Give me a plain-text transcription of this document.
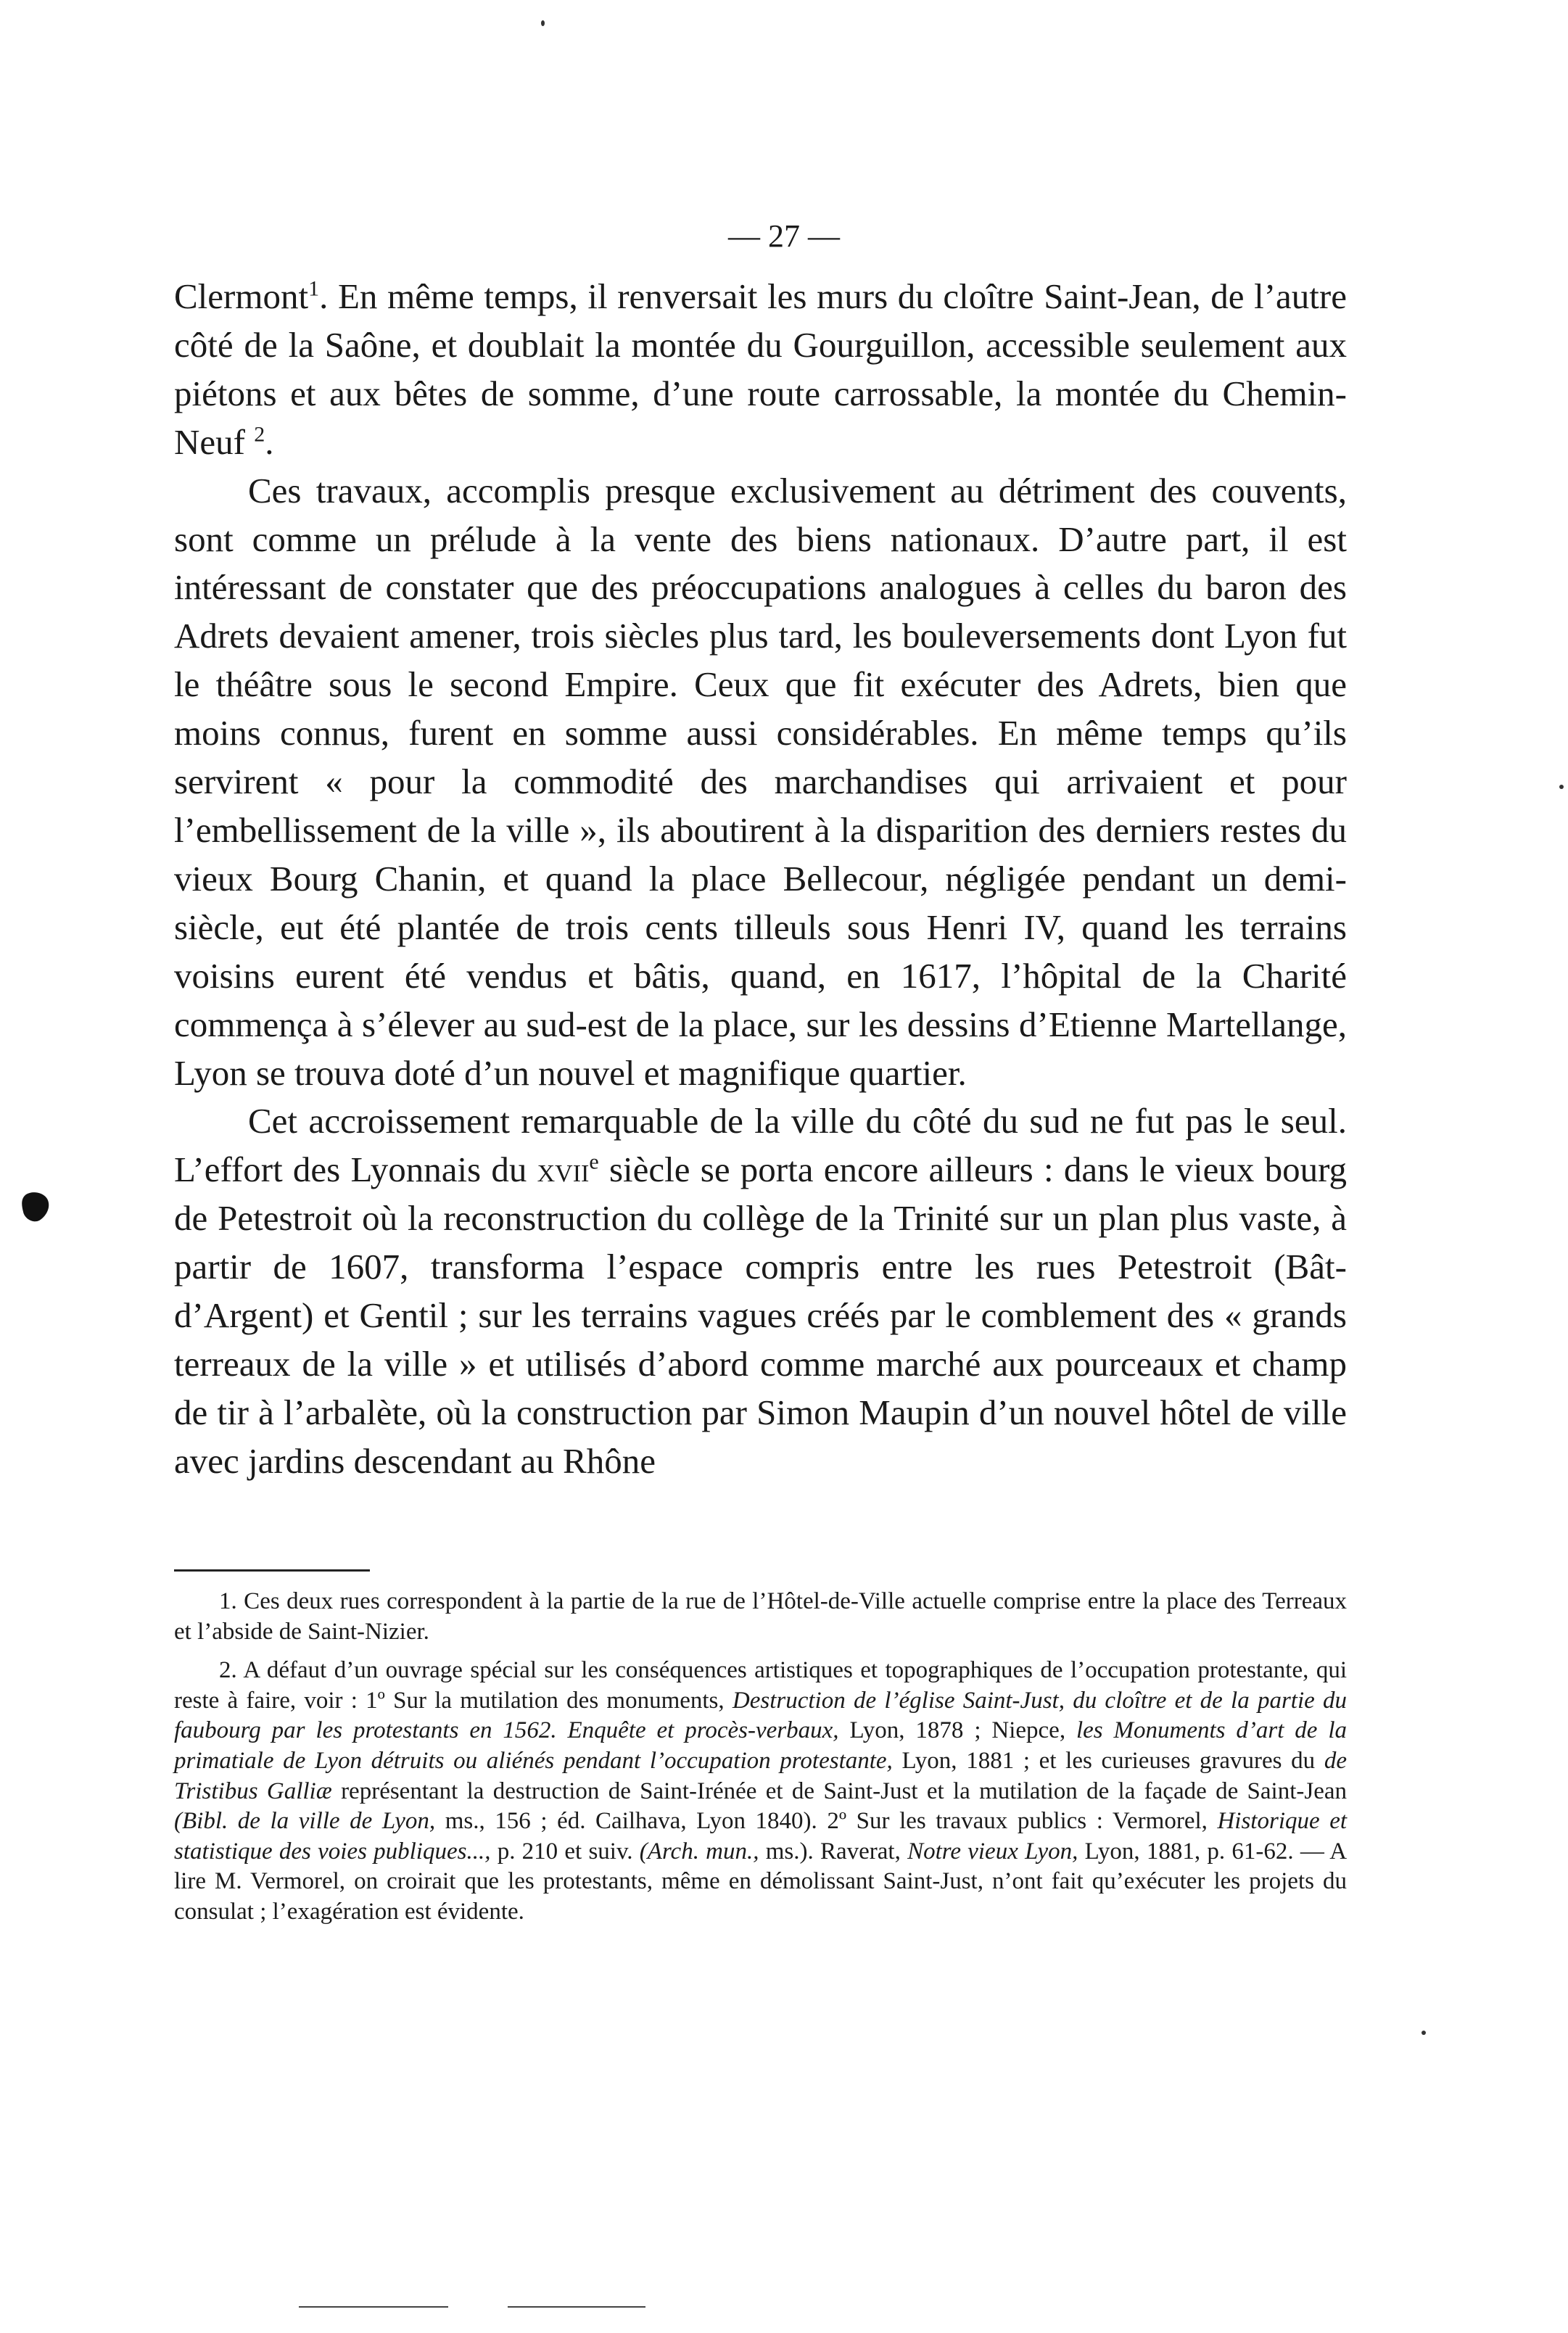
— 27 —

Clermont$^1$. En même temps, il renversait les murs du cloître Saint-Jean, de l’autre côté de la Saône, et doublait la montée du Gourguillon, accessible seulement aux piétons et aux bêtes de somme, d’une route carrossable, la montée du Chemin-Neuf $^2$.

Ces travaux, accomplis presque exclusivement au détriment des couvents, sont comme un prélude à la vente des biens nationaux. D’autre part, il est intéressant de constater que des préoccupations analogues à celles du baron des Adrets devaient amener, trois siècles plus tard, les bouleversements dont Lyon fut le théâtre sous le second Empire. Ceux que fit exécuter des Adrets, bien que moins connus, furent en somme aussi considérables. En même temps qu’ils servirent « pour la commodité des marchandises qui arrivaient et pour l’embellissement de la ville », ils aboutirent à la disparition des derniers restes du vieux Bourg Chanin, et quand la place Bellecour, négligée pendant un demi-siècle, eut été plantée de trois cents tilleuls sous Henri IV, quand les terrains voisins eurent été vendus et bâtis, quand, en 1617, l’hôpital de la Charité commença à s’élever au sud-est de la place, sur les dessins d’Etienne Martellange, Lyon se trouva doté d’un nouvel et magnifique quartier.

Cet accroissement remarquable de la ville du côté du sud ne fut pas le seul. L’effort des Lyonnais du xvii$^e$ siècle se porta encore ailleurs : dans le vieux bourg de Petestroit où la reconstruction du collège de la Trinité sur un plan plus vaste, à partir de 1607, transforma l’espace compris entre les rues Petestroit (Bât-d’Argent) et Gentil ; sur les terrains vagues créés par le comblement des « grands terreaux de la ville » et utilisés d’abord comme marché aux pourceaux et champ de tir à l’arbalète, où la construction par Simon Maupin d’un nouvel hôtel de ville avec jardins descendant au Rhône

1. Ces deux rues correspondent à la partie de la rue de l’Hôtel-de-Ville actuelle comprise entre la place des Terreaux et l’abside de Saint-Nizier.

2. A défaut d’un ouvrage spécial sur les conséquences artistiques et topographiques de l’occupation protestante, qui reste à faire, voir : 1º Sur la mutilation des monuments, Destruction de l’église Saint-Just, du cloître et de la partie du faubourg par les protestants en 1562. Enquête et procès-verbaux, Lyon, 1878 ; Niepce, les Monuments d’art de la primatiale de Lyon détruits ou aliénés pendant l’occupation protestante, Lyon, 1881 ; et les curieuses gravures du de Tristibus Galliæ représentant la destruction de Saint-Irénée et de Saint-Just et la mutilation de la façade de Saint-Jean (Bibl. de la ville de Lyon, ms., 156 ; éd. Cailhava, Lyon 1840). 2º Sur les travaux publics : Vermorel, Historique et statistique des voies publiques..., p. 210 et suiv. (Arch. mun., ms.). Raverat, Notre vieux Lyon, Lyon, 1881, p. 61-62. — A lire M. Vermorel, on croirait que les protestants, même en démolissant Saint-Just, n’ont fait qu’exécuter les projets du consulat ; l’exagération est évidente.
